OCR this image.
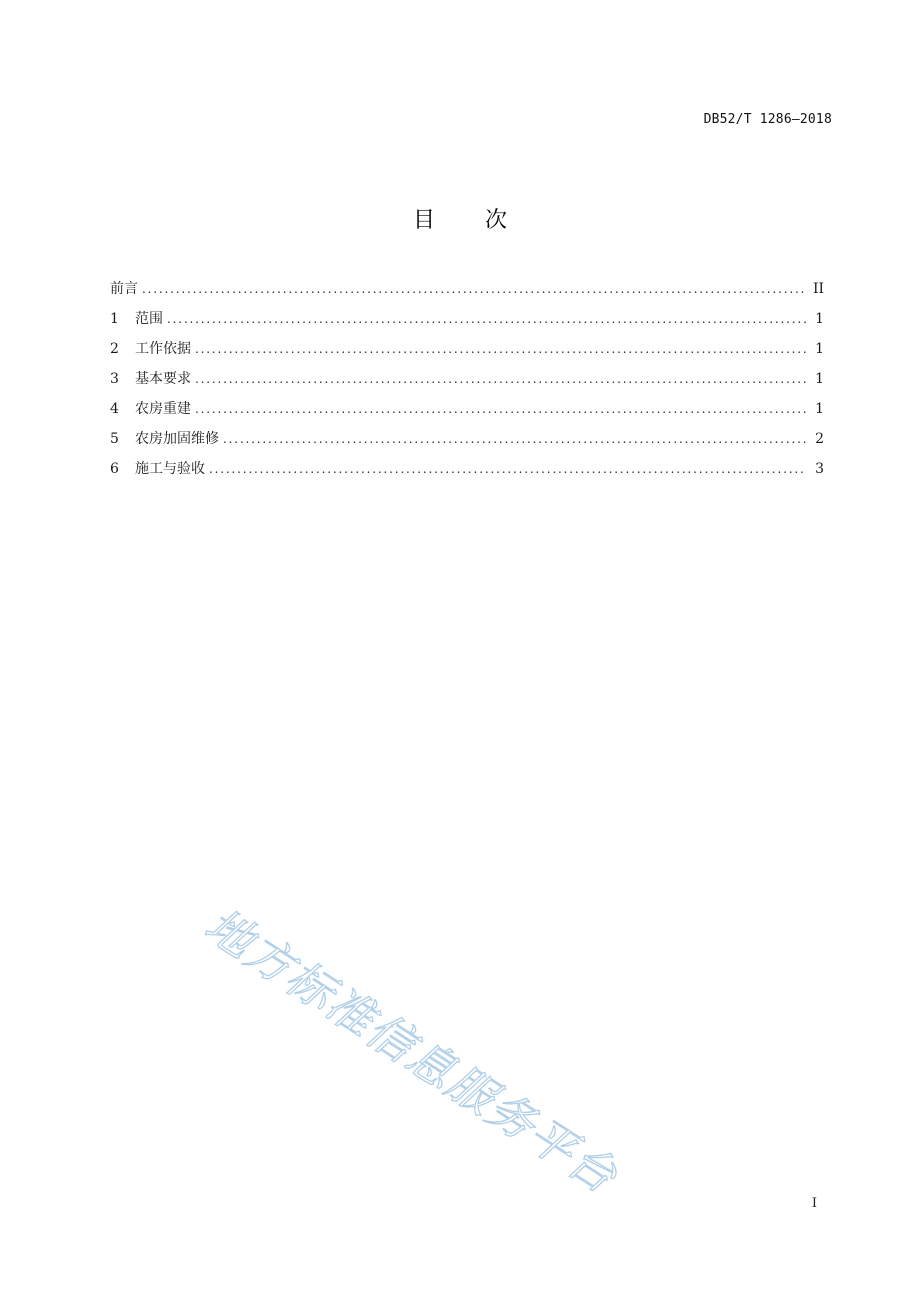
DB52/T 1286—2018
目 次
前言 . . .	II
1	范围 . . .	1
2	工作依据 . . .	1
3	基本要求 . . .	1
4	农房重建 . . .	1
5	农房加固维修 . . .	2
6	施工与验收 . . .	3
地方标准信息服务平台	I
